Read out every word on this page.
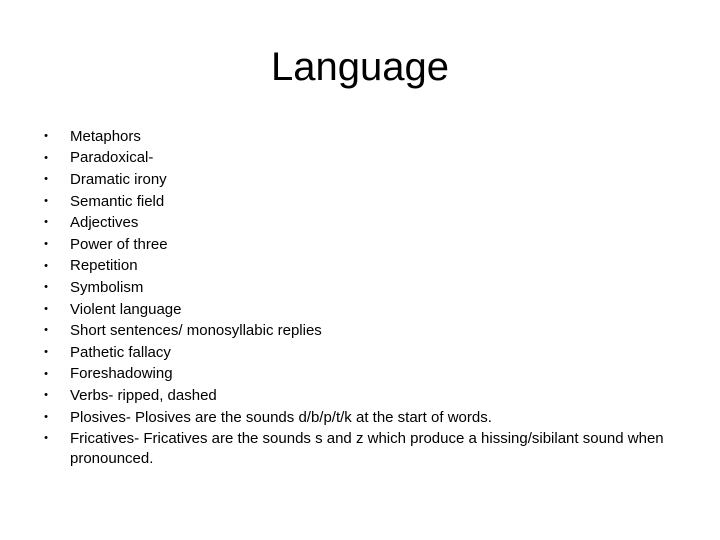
Language
• Metaphors
• Paradoxical-
• Dramatic irony
• Semantic field
• Adjectives
• Power of three
• Repetition
• Symbolism
• Violent language
• Short sentences/ monosyllabic replies
• Pathetic fallacy
• Foreshadowing
• Verbs- ripped, dashed
• Plosives- Plosives are the sounds d/b/p/t/k at the start of words.
• Fricatives- Fricatives are the sounds s and z which produce a hissing/sibilant sound when pronounced.
